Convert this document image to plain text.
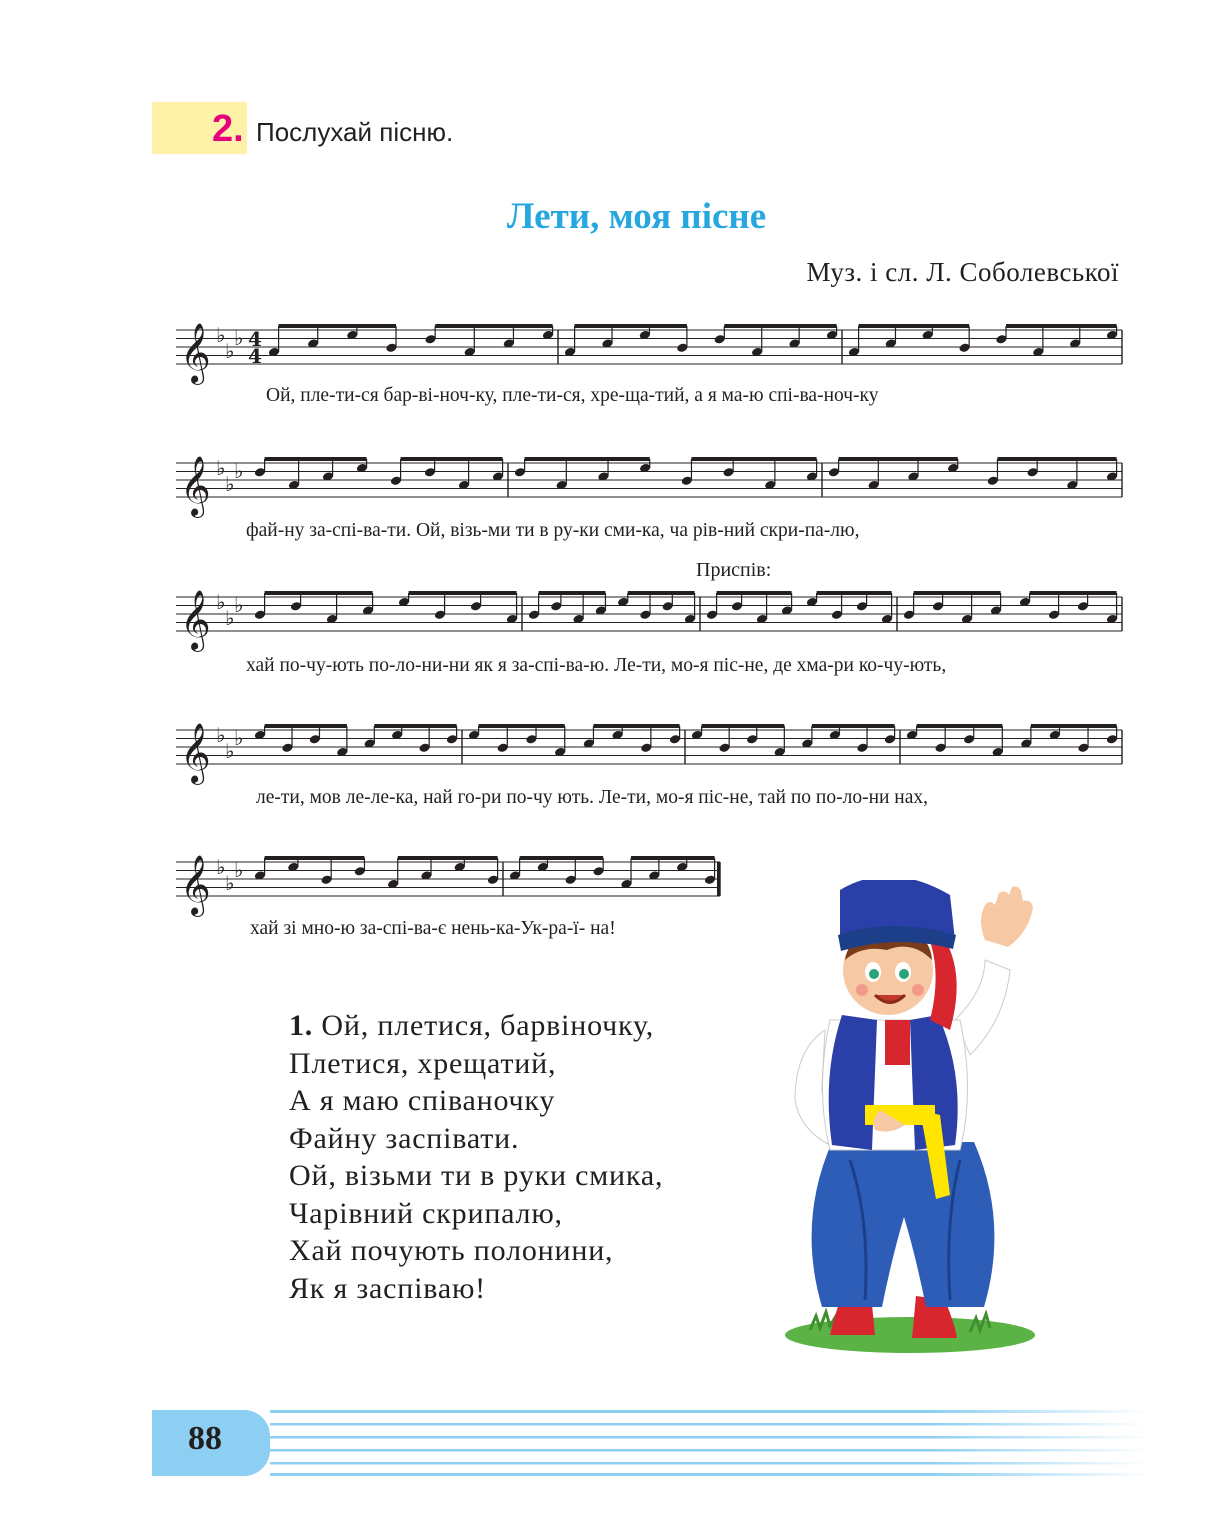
2. Послухай пісню.
Лети, моя пісне
Муз. і сл. Л. Соболевської
𝄞 ♭
♭
♭ 4
4
𝄞 ♭
♭
♭
𝄞 ♭
♭
♭
𝄞 ♭
♭
♭
𝄞 ♭
♭
♭
Приспів:
Ой, пле-ти-ся бар-ві-ноч-ку, пле-ти-ся, хре-ща-тий, а я ма-ю спі-ва-ноч-ку
фай-ну за-спі-ва-ти. Ой, візь-ми ти в ру-ки сми-ка, ча рів-ний скри-па-лю,
хай по-чу-ють по-ло-ни-ни як я за-спі-ва-ю. Ле-ти, мо-я піс-не, де хма-ри ко-чу-ють,
ле-ти, мов ле-ле-ка, най го-ри по-чу ють. Ле-ти, мо-я піс-не, тай по по-ло-ни нах,
хай зі мно-ю за-спі-ва-є нень-ка-Ук-ра-ї- на!
1. Ой, плетися, барвіночку,
Плетися, хрещатий,
А я маю співаночку
Файну заспівати.
Ой, візьми ти в руки смика,
Чарівний скрипалю,
Хай почують полонини,
Як я заспіваю!
88
